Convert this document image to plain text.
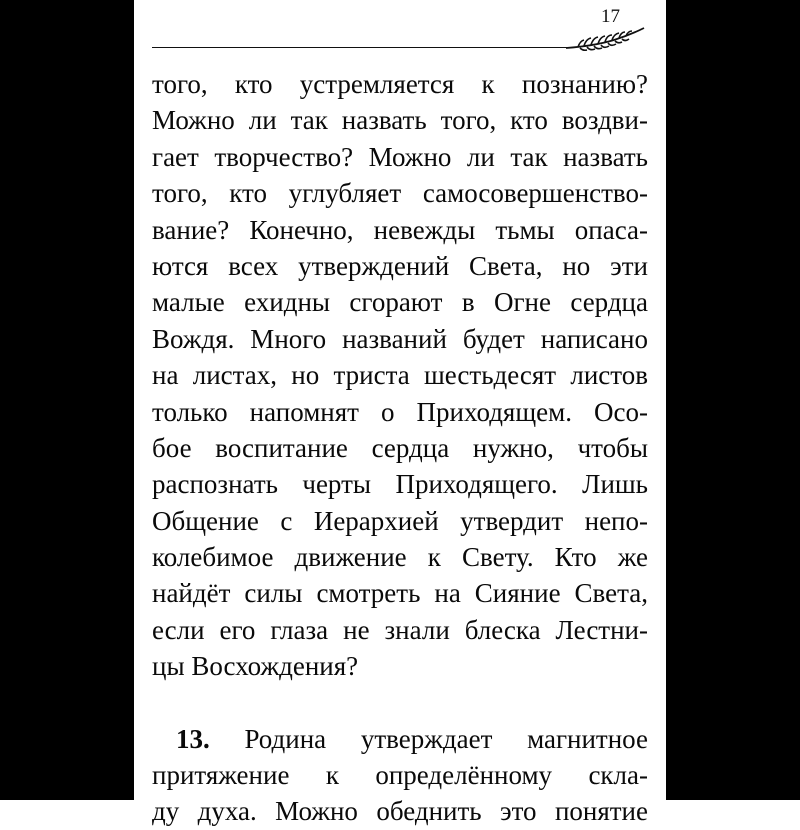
17
того, кто устремляется к познанию?
Можно ли так назвать того, кто воздви-
гает творчество? Можно ли так назвать
того, кто углубляет самосовершенство-
вание? Конечно, невежды тьмы опаса-
ются всех утверждений Света, но эти
малые ехидны сгорают в Огне сердца
Вождя. Много названий будет написано
на листах, но триста шестьдесят листов
только напомнят о Приходящем. Осо-
бое воспитание сердца нужно, чтобы
распознать черты Приходящего. Лишь
Общение с Иерархией утвердит непо-
колебимое движение к Свету. Кто же
найдёт силы смотреть на Сияние Света,
если его глаза не знали блеска Лестни-
цы Восхождения?
13. Родина утверждает магнитное
притяжение к определённому скла-
ду духа. Можно обеднить это понятие
